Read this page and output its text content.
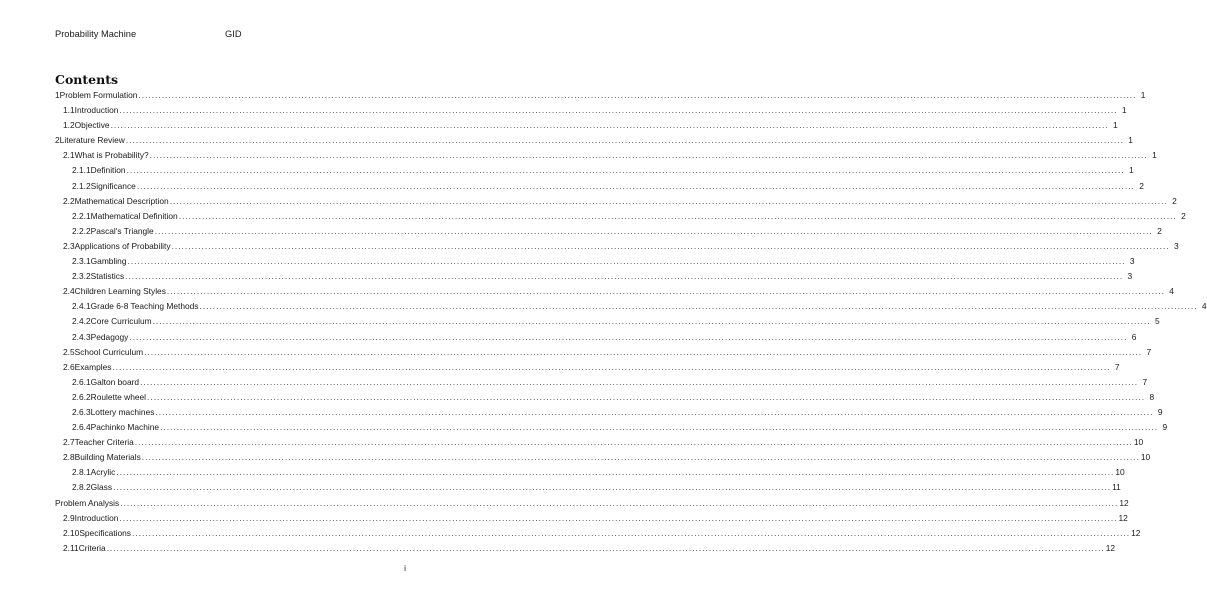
Probability Machine	GID
Contents
1 Problem Formulation ............................................................................................................................................................................................................................................................................................................ 1
1.1 Introduction ............................................................................................................................................................................................................................................................................................................ 1
1.2 Objective ............................................................................................................................................................................................................................................................................................................ 1
2 Literature Review ............................................................................................................................................................................................................................................................................................................ 1
2.1 What is Probability? ............................................................................................................................................................................................................................................................................................................ 1
2.1.1 Definition ............................................................................................................................................................................................................................................................................................................ 1
2.1.2 Significance ............................................................................................................................................................................................................................................................................................................ 2
2.2 Mathematical Description ............................................................................................................................................................................................................................................................................................................ 2
2.2.1 Mathematical Definition ............................................................................................................................................................................................................................................................................................................ 2
2.2.2 Pascal's Triangle ............................................................................................................................................................................................................................................................................................................ 2
2.3 Applications of Probability ............................................................................................................................................................................................................................................................................................................ 3
2.3.1 Gambling ............................................................................................................................................................................................................................................................................................................ 3
2.3.2 Statistics ............................................................................................................................................................................................................................................................................................................ 3
2.4 Children Learning Styles ............................................................................................................................................................................................................................................................................................................ 4
2.4.1 Grade 6-8 Teaching Methods ............................................................................................................................................................................................................................................................................................................ 4
2.4.2 Core Curriculum ............................................................................................................................................................................................................................................................................................................ 5
2.4.3 Pedagogy ............................................................................................................................................................................................................................................................................................................ 6
2.5 School Curriculum ............................................................................................................................................................................................................................................................................................................ 7
2.6 Examples ............................................................................................................................................................................................................................................................................................................ 7
2.6.1 Galton board ............................................................................................................................................................................................................................................................................................................ 7
2.6.2 Roulette wheel ............................................................................................................................................................................................................................................................................................................ 8
2.6.3 Lottery machines ............................................................................................................................................................................................................................................................................................................ 9
2.6.4 Pachinko Machine ............................................................................................................................................................................................................................................................................................................ 9
2.7 Teacher Criteria ............................................................................................................................................................................................................................................................................................................ 10
2.8 Building Materials ............................................................................................................................................................................................................................................................................................................ 10
2.8.1 Acrylic ............................................................................................................................................................................................................................................................................................................ 10
2.8.2 Glass ............................................................................................................................................................................................................................................................................................................ 11
Problem Analysis ............................................................................................................................................................................................................................................................................................................ 12
2.9 Introduction ............................................................................................................................................................................................................................................................................................................ 12
2.10 Specifications ............................................................................................................................................................................................................................................................................................................ 12
2.11 Criteria ............................................................................................................................................................................................................................................................................................................ 12
i
